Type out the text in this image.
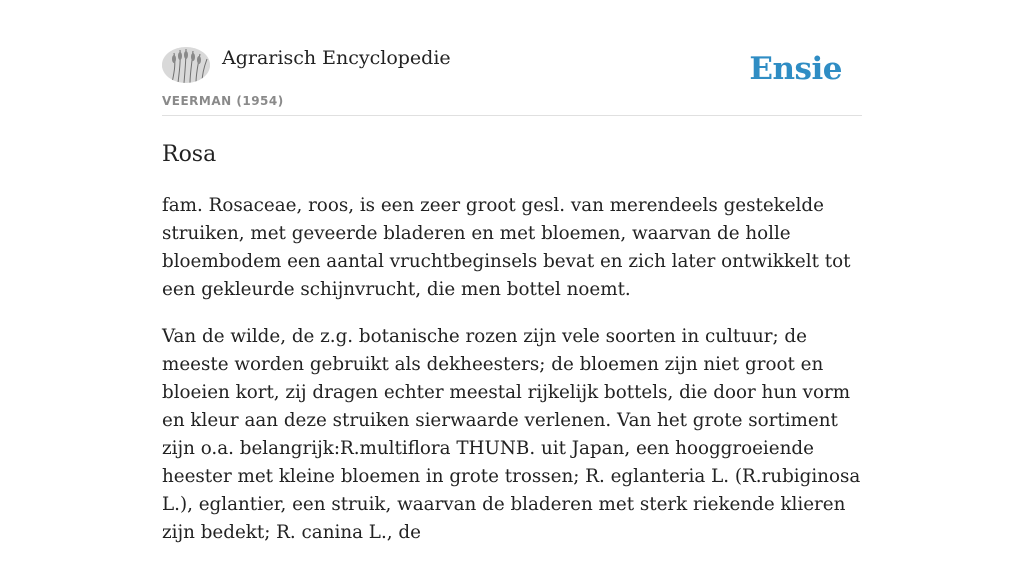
Agrarisch Encyclopedie
VEERMAN (1954)
Ensie
Rosa

fam. Rosaceae, roos, is een zeer groot gesl. van merendeels gestekelde struiken, met geveerde bladeren en met bloemen, waarvan de holle bloembodem een aantal vruchtbeginsels bevat en zich later ontwikkelt tot een gekleurde schijnvrucht, die men bottel noemt.

Van de wilde, de z.g. botanische rozen zijn vele soorten in cultuur; de meeste worden gebruikt als dekheesters; de bloemen zijn niet groot en bloeien kort, zij dragen echter meestal rijkelijk bottels, die door hun vorm en kleur aan deze struiken sierwaarde verlenen. Van het grote sortiment zijn o.a. belangrijk:R.multiflora THUNB. uit Japan, een hooggroeiende heester met kleine bloemen in grote trossen; R. eglanteria L. (R.rubiginosa L.), eglantier, een struik, waarvan de bladeren met sterk riekende klieren zijn bedekt; R. canina L., de
